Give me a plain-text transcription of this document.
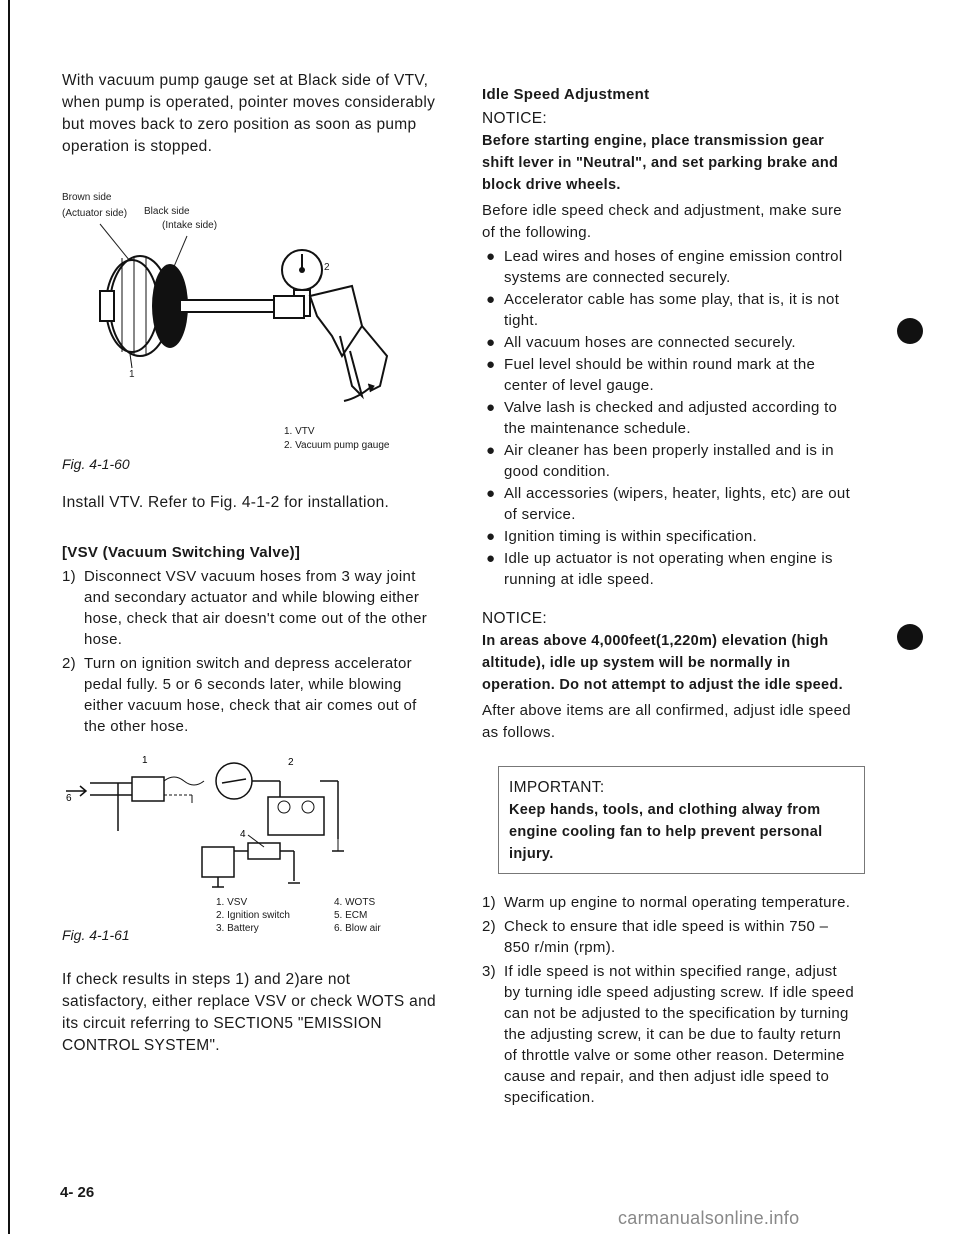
With vacuum pump gauge set at Black side of VTV, when pump is operated, pointer moves considerably but moves back to zero position as soon as pump operation is stopped.

Brown side
(Actuator side) Black side
(Intake side)
1
2
1. VTV
2. Vacuum pump gauge
Fig. 4-1-60

Install VTV. Refer to Fig. 4-1-2 for installation.

[VSV (Vacuum Switching Valve)]

1) Disconnect VSV vacuum hoses from 3 way joint and secondary actuator and while blowing either hose, check that air doesn't come out of the other hose.
2) Turn on ignition switch and depress accelerator pedal fully. 5 or 6 seconds later, while blowing either vacuum hose, check that air comes out of the other hose.
1	2
4
6
1. VSV
2. Ignition switch
3. Battery
4. WOTS
5. ECM
6. Blow air
Fig. 4-1-61

If check results in steps 1) and 2)are not satisfactory, either replace VSV or check WOTS and its circuit referring to SECTION5 "EMISSION CONTROL SYSTEM".

Idle Speed Adjustment

NOTICE:

Before starting engine, place transmission gear shift lever in "Neutral", and set parking brake and block drive wheels.

Before idle speed check and adjustment, make sure of the following.

● Lead wires and hoses of engine emission control systems are connected securely.
● Accelerator cable has some play, that is, it is not tight.
● All vacuum hoses are connected securely.
● Fuel level should be within round mark at the center of level gauge.
● Valve lash is checked and adjusted according to the maintenance schedule.
● Air cleaner has been properly installed and is in good condition.
● All accessories (wipers, heater, lights, etc) are out of service.
● Ignition timing is within specification.
● Idle up actuator is not operating when engine is running at idle speed.

NOTICE:

In areas above 4,000feet(1,220m) elevation (high altitude), idle up system will be normally in operation. Do not attempt to adjust the idle speed.

After above items are all confirmed, adjust idle speed as follows.

IMPORTANT:

Keep hands, tools, and clothing alway from engine cooling fan to help prevent personal injury.

1) Warm up engine to normal operating temperature.
2) Check to ensure that idle speed is within 750 – 850 r/min (rpm).
3) If idle speed is not within specified range, adjust by turning idle speed adjusting screw. If idle speed can not be adjusted to the specification by turning the adjusting screw, it can be due to faulty return of throttle valve or some other reason. Determine cause and repair, and then adjust idle speed to specification.
4- 26
carmanualsonline.info
